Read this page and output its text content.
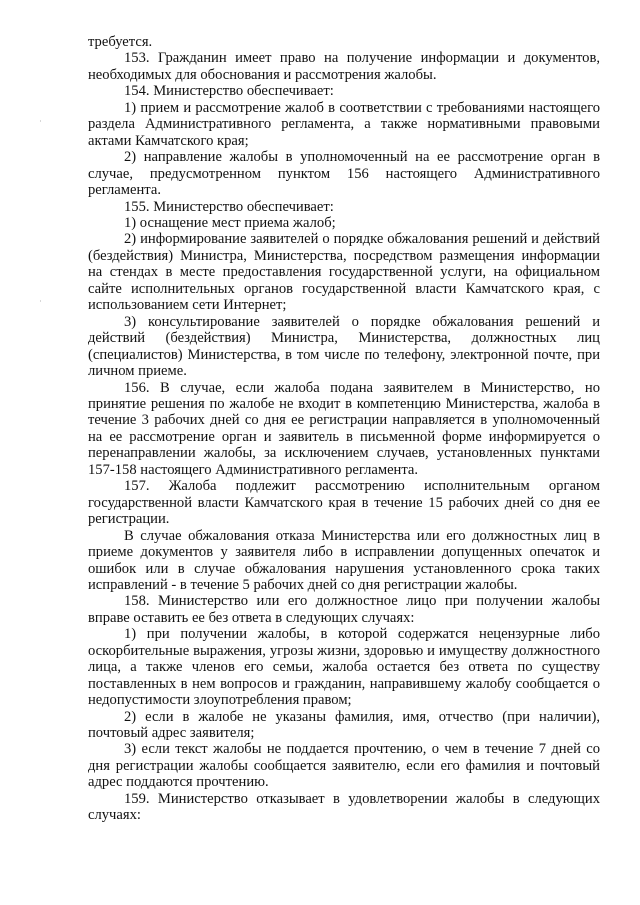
требуется.

153. Гражданин имеет право на получение информации и документов, необходимых для обоснования и рассмотрения жалобы.

154. Министерство обеспечивает:

1) прием и рассмотрение жалоб в соответствии с требованиями настоящего раздела Административного регламента, а также нормативными правовыми актами Камчатского края;

2) направление жалобы в уполномоченный на ее рассмотрение орган в случае, предусмотренном пунктом 156 настоящего Административного регламента.

155. Министерство обеспечивает:

1) оснащение мест приема жалоб;

2) информирование заявителей о порядке обжалования решений и действий (бездействия) Министра, Министерства, посредством размещения информации на стендах в месте предоставления государственной услуги, на официальном сайте исполнительных органов государственной власти Камчатского края, с использованием сети Интернет;

3) консультирование заявителей о порядке обжалования решений и действий (бездействия) Министра, Министерства, должностных лиц (специалистов) Министерства, в том числе по телефону, электронной почте, при личном приеме.

156. В случае, если жалоба подана заявителем в Министерство, но принятие решения по жалобе не входит в компетенцию Министерства, жалоба в течение 3 рабочих дней со дня ее регистрации направляется в уполномоченный на ее рассмотрение орган и заявитель в письменной форме информируется о перенаправлении жалобы, за исключением случаев, установленных пунктами 157-158 настоящего Административного регламента.

157. Жалоба подлежит рассмотрению исполнительным органом государственной власти Камчатского края в течение 15 рабочих дней со дня ее регистрации.

В случае обжалования отказа Министерства или его должностных лиц в приеме документов у заявителя либо в исправлении допущенных опечаток и ошибок или в случае обжалования нарушения установленного срока таких исправлений - в течение 5 рабочих дней со дня регистрации жалобы.

158. Министерство или его должностное лицо при получении жалобы вправе оставить ее без ответа в следующих случаях:

1) при получении жалобы, в которой содержатся нецензурные либо оскорбительные выражения, угрозы жизни, здоровью и имуществу должностного лица, а также членов его семьи, жалоба остается без ответа по существу поставленных в нем вопросов и гражданин, направившему жалобу сообщается о недопустимости злоупотребления правом;

2) если в жалобе не указаны фамилия, имя, отчество (при наличии), почтовый адрес заявителя;

3) если текст жалобы не поддается прочтению, о чем в течение 7 дней со дня регистрации жалобы сообщается заявителю, если его фамилия и почтовый адрес поддаются прочтению.

159. Министерство отказывает в удовлетворении жалобы в следующих случаях:
